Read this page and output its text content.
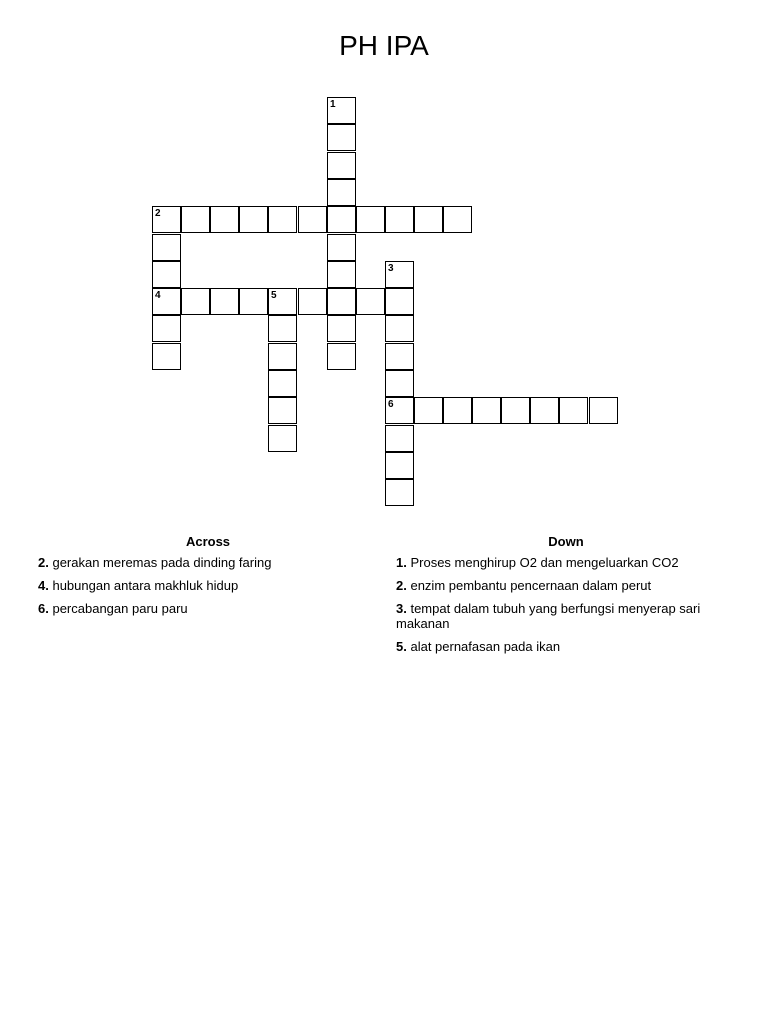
PH IPA
1
2
4
3
6
5
Across
2. gerakan meremas pada dinding faring
4. hubungan antara makhluk hidup
6. percabangan paru paru
Down
1. Proses menghirup O2 dan mengeluarkan CO2
2. enzim pembantu pencernaan dalam perut
3. tempat dalam tubuh yang berfungsi menyerap sari makanan
5. alat pernafasan pada ikan
